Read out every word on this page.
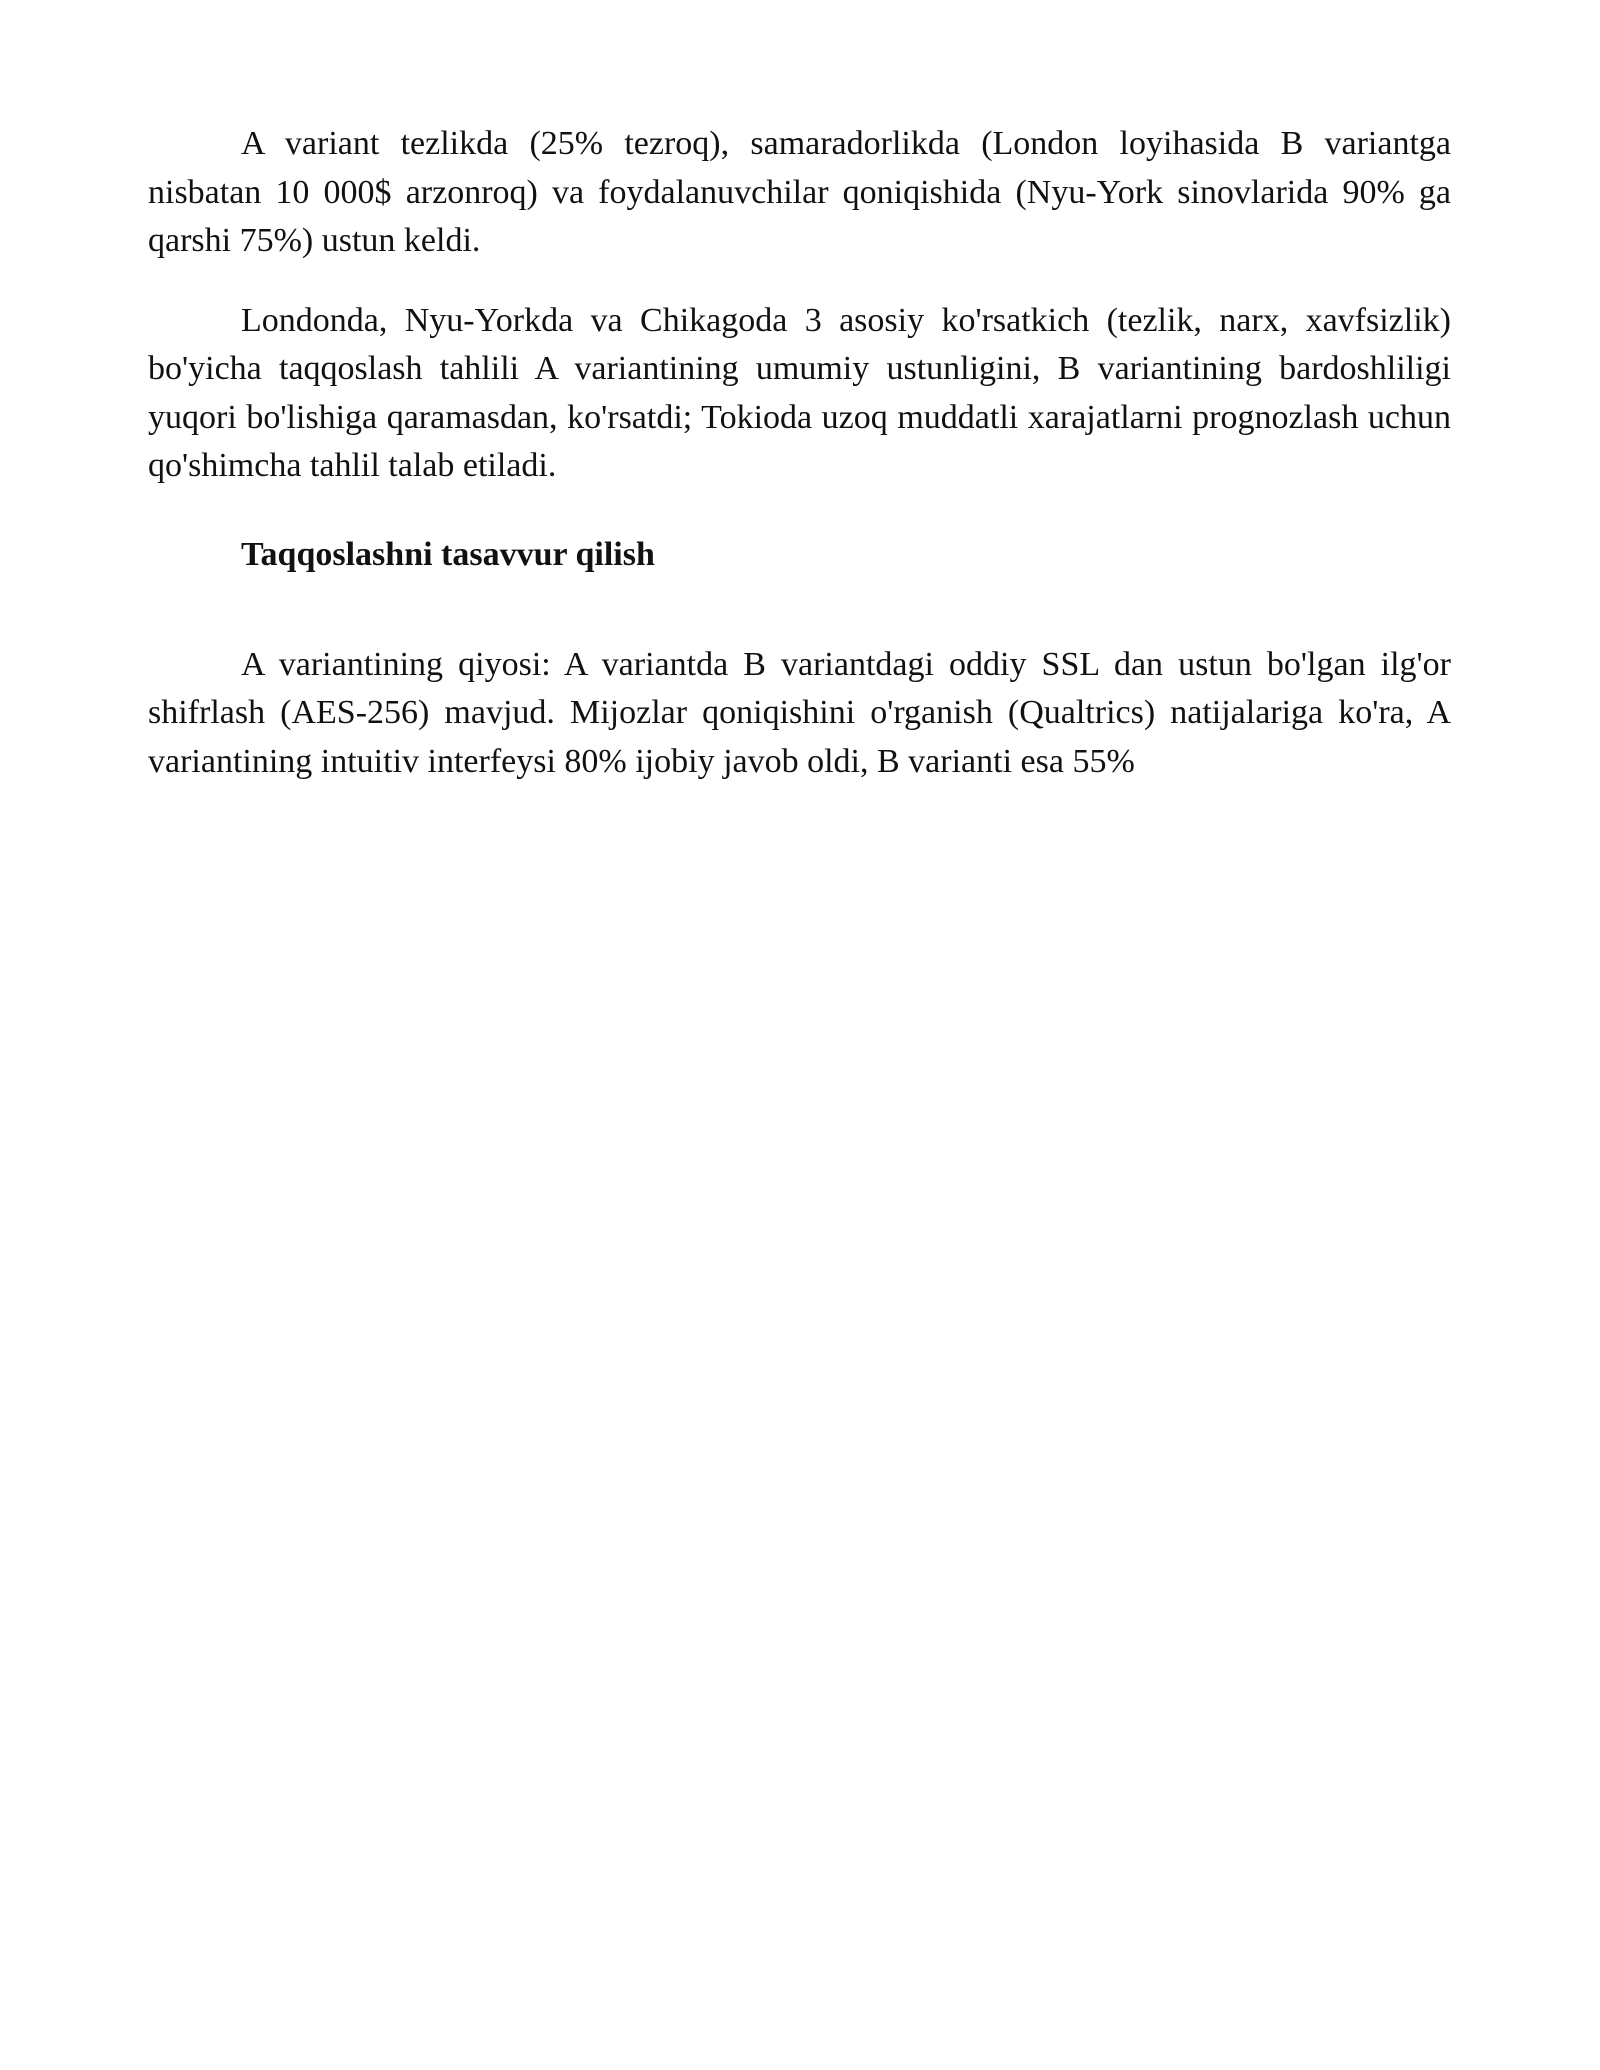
A variant tezlikda (25% tezroq), samaradorlikda (London loyihasida B variantga nisbatan 10 000$ arzonroq) va foydalanuvchilar qoniqishida (Nyu-York sinovlarida 90% ga qarshi 75%) ustun keldi.

Londonda, Nyu-Yorkda va Chikagoda 3 asosiy ko'rsatkich (tezlik, narx, xavfsizlik) bo'yicha taqqoslash tahlili A variantining umumiy ustunligini, B variantining bardoshliligi yuqori bo'lishiga qaramasdan, ko'rsatdi; Tokioda uzoq muddatli xarajatlarni prognozlash uchun qo'shimcha tahlil talab etiladi.

Taqqoslashni tasavvur qilish

A variantining qiyosi: A variantda B variantdagi oddiy SSL dan ustun bo'lgan ilg'or shifrlash (AES-256) mavjud. Mijozlar qoniqishini o'rganish (Qualtrics) natijalariga ko'ra, A variantining intuitiv interfeysi 80% ijobiy javob oldi, B varianti esa 55%
